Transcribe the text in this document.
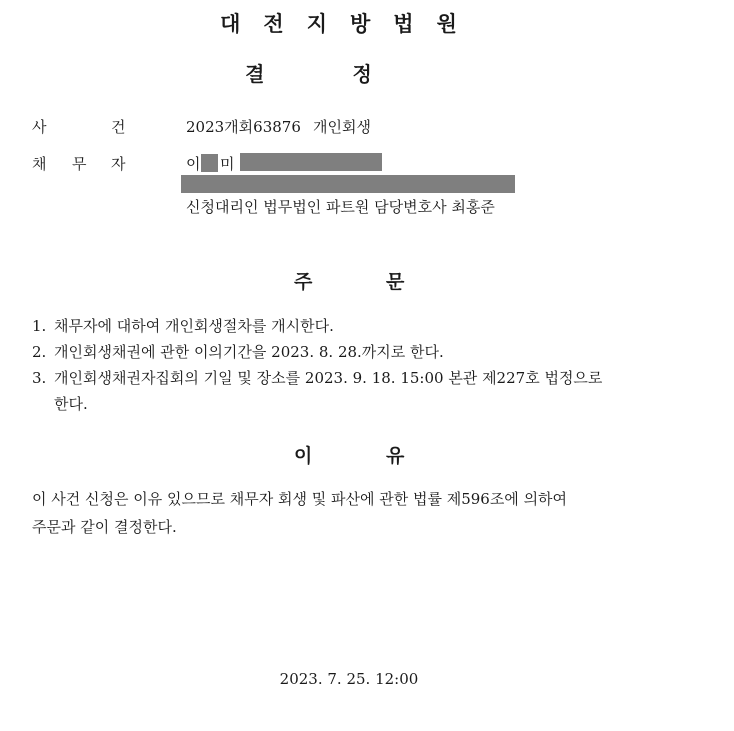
대전지방법원
결정
사	건	2023개회63876 개인회생
채 무 자	이 미
신청대리인 법무법인 파트원 담당변호사 최홍준
주	문
1. 채무자에 대하여 개인회생절차를 개시한다.
2. 개인회생채권에 관한 이의기간을 2023. 8. 28.까지로 한다.
3. 개인회생채권자집회의 기일 및 장소를 2023. 9. 18. 15:00 본관 제227호 법정으로
한다.
이	유
이 사건 신청은 이유 있으므로 채무자 회생 및 파산에 관한 법률 제596조에 의하여
주문과 같이 결정한다.
2023. 7. 25. 12:00
